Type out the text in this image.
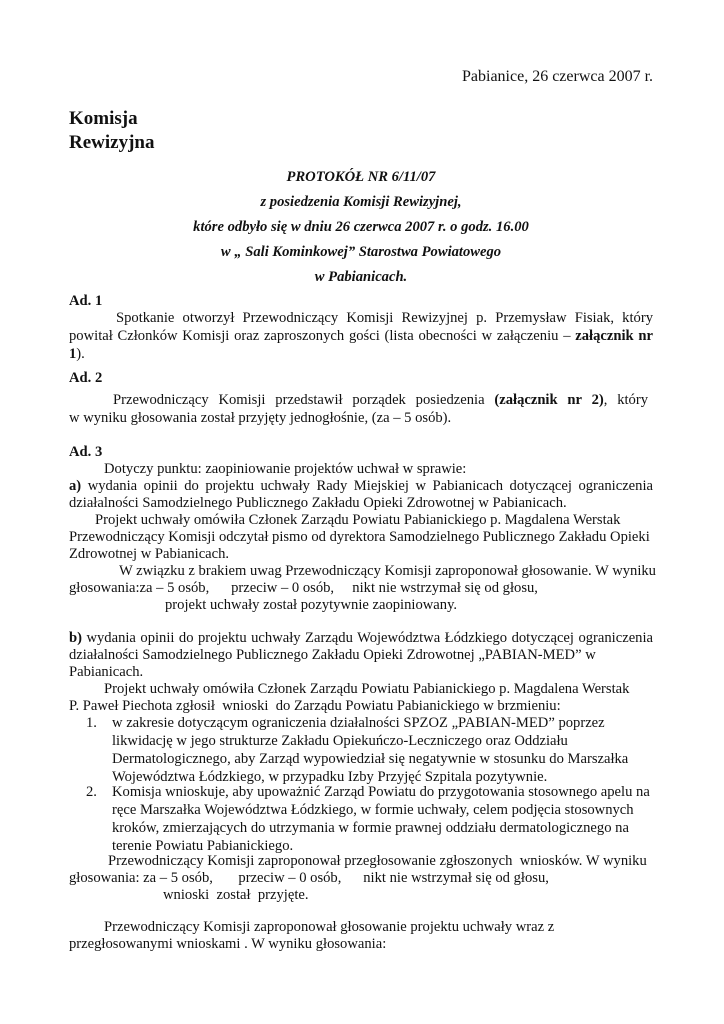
Pabianice, 26 czerwca 2007 r.
Komisja
Rewizyjna
PROTOKÓŁ NR 6/11/07
z posiedzenia Komisji Rewizyjnej,
które odbyło się w dniu 26 czerwca 2007 r. o godz. 16.00
w „ Sali Kominkowej” Starostwa Powiatowego
w Pabianicach.
Ad. 1
Spotkanie otworzył Przewodniczący Komisji Rewizyjnej p. Przemysław Fisiak, który
powitał Członków Komisji oraz zaproszonych gości (lista obecności w załączeniu – załącznik nr
1).
Ad. 2
Przewodniczący Komisji przedstawił porządek posiedzenia (załącznik nr 2), który
w wyniku głosowania został przyjęty jednogłośnie, (za – 5 osób).
Ad. 3
Dotyczy punktu: zaopiniowanie projektów uchwał w sprawie:
a) wydania opinii do projektu uchwały Rady Miejskiej w Pabianicach dotyczącej ograniczenia
działalności Samodzielnego Publicznego Zakładu Opieki Zdrowotnej w Pabianicach.
Projekt uchwały omówiła Członek Zarządu Powiatu Pabianickiego p. Magdalena Werstak
Przewodniczący Komisji odczytał pismo od dyrektora Samodzielnego Publicznego Zakładu Opieki
Zdrowotnej w Pabianicach.
W związku z brakiem uwag Przewodniczący Komisji zaproponował głosowanie. W wyniku
głosowania:za – 5 osób,      przeciw – 0 osób,     nikt nie wstrzymał się od głosu,
projekt uchwały został pozytywnie zaopiniowany.
b) wydania opinii do projektu uchwały Zarządu Województwa Łódzkiego dotyczącej ograniczenia
działalności Samodzielnego Publicznego Zakładu Opieki Zdrowotnej „PABIAN-MED” w
Pabianicach.
Projekt uchwały omówiła Członek Zarządu Powiatu Pabianickiego p. Magdalena Werstak
P. Paweł Piechota zgłosił  wnioski  do Zarządu Powiatu Pabianickiego w brzmieniu:
1. w zakresie dotyczącym ograniczenia działalności SPZOZ „PABIAN-MED” poprzez
likwidację w jego strukturze Zakładu Opiekuńczo-Leczniczego oraz Oddziału
Dermatologicznego, aby Zarząd wypowiedział się negatywnie w stosunku do Marszałka
Województwa Łódzkiego, w przypadku Izby Przyjęć Szpitala pozytywnie.
2. Komisja wnioskuje, aby upoważnić Zarząd Powiatu do przygotowania stosownego apelu na
ręce Marszałka Województwa Łódzkiego, w formie uchwały, celem podjęcia stosownych
kroków, zmierzających do utrzymania w formie prawnej oddziału dermatologicznego na
terenie Powiatu Pabianickiego.
Przewodniczący Komisji zaproponował przegłosowanie zgłoszonych  wniosków. W wyniku
głosowania: za – 5 osób,       przeciw – 0 osób,      nikt nie wstrzymał się od głosu,
wnioski  został  przyjęte.
Przewodniczący Komisji zaproponował głosowanie projektu uchwały wraz z
przegłosowanymi wnioskami . W wyniku głosowania:
